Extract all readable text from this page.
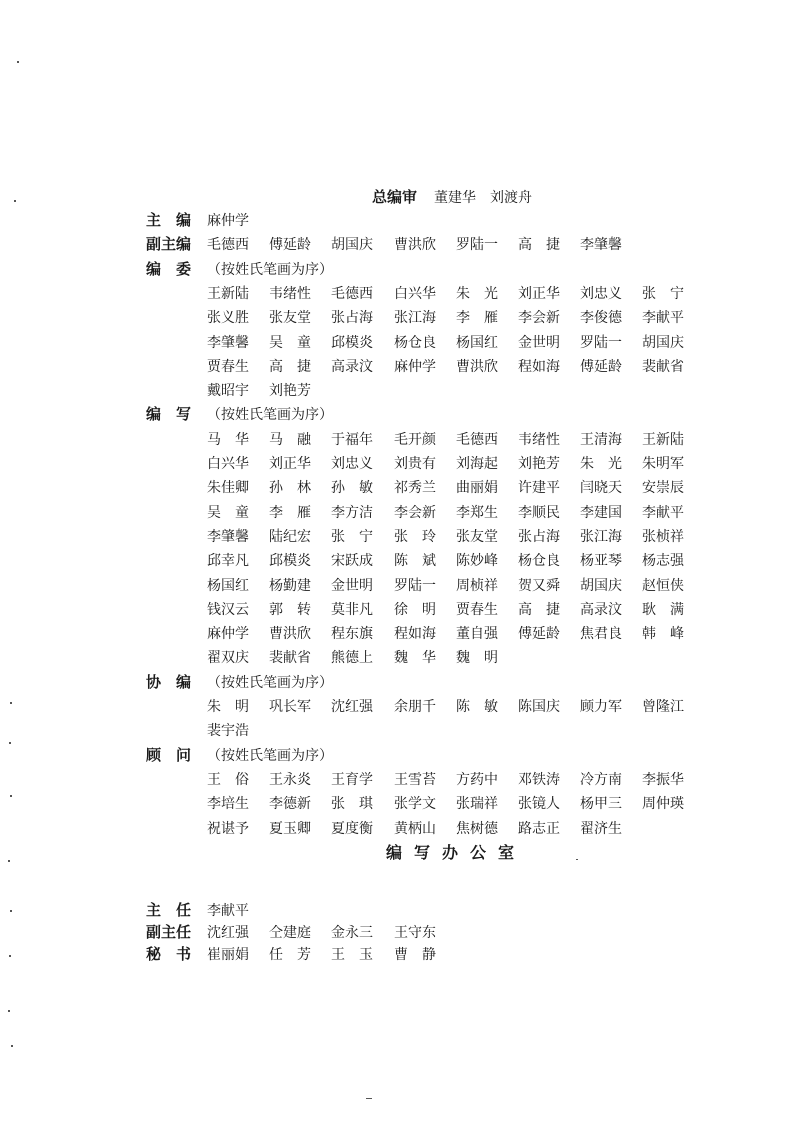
总编审 董建华　刘渡舟
主　编 麻仲学
副主编 毛德西 傅延龄 胡国庆 曹洪欣 罗陆一 高　捷 李肇馨
编　委 （按姓氏笔画为序）
王新陆 韦绪性 毛德西 白兴华 朱　光 刘正华 刘忠义 张　宁
张义胜 张友堂 张占海 张江海 李　雁 李会新 李俊德 李献平
李肇馨 吴　童 邱模炎 杨仓良 杨国红 金世明 罗陆一 胡国庆
贾春生 高　捷 高录汶 麻仲学 曹洪欣 程如海 傅延龄 裴献省
戴昭宇 刘艳芳
编　写 （按姓氏笔画为序）
马　华 马　融 于福年 毛开颜 毛德西 韦绪性 王清海 王新陆
白兴华 刘正华 刘忠义 刘贵有 刘海起 刘艳芳 朱　光 朱明军
朱佳卿 孙　林 孙　敏 祁秀兰 曲丽娟 许建平 闫晓天 安崇辰
吴　童 李　雁 李方洁 李会新 李郑生 李顺民 李建国 李献平
李肇馨 陆纪宏 张　宁 张　玲 张友堂 张占海 张江海 张桢祥
邱幸凡 邱模炎 宋跃成 陈　斌 陈妙峰 杨仓良 杨亚琴 杨志强
杨国红 杨勤建 金世明 罗陆一 周桢祥 贺又舜 胡国庆 赵恒侠
钱汉云 郭　转 莫非凡 徐　明 贾春生 高　捷 高录汶 耿　满
麻仲学 曹洪欣 程东旗 程如海 董自强 傅延龄 焦君良 韩　峰
翟双庆 裴献省 熊德上 魏　华 魏　明
协　编 （按姓氏笔画为序）
朱　明 巩长军 沈红强 余朋千 陈　敏 陈国庆 顾力军 曾隆江
裴宇浩
顾　问 （按姓氏笔画为序）
王　俗 王永炎 王育学 王雪苔 方药中 邓铁涛 冷方南 李振华
李培生 李德新 张　琪 张学文 张瑞祥 张镜人 杨甲三 周仲瑛
祝谌予 夏玉卿 夏度衡 黄柄山 焦树德 路志正 翟济生
编写办公室
主　任 李献平
副主任 沈红强 仝建庭 金永三 王守东
秘　书 崔丽娟 任　芳 王　玉 曹　静
